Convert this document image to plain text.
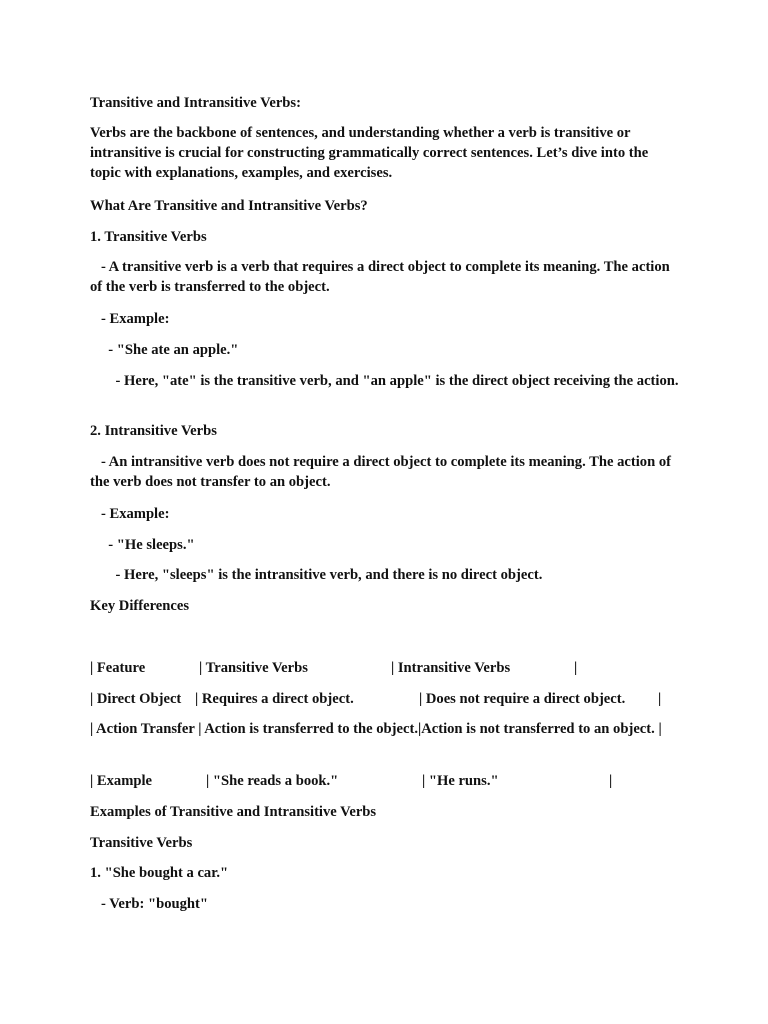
Transitive and Intransitive Verbs:

Verbs are the backbone of sentences, and understanding whether a verb is transitive or intransitive is crucial for constructing grammatically correct sentences. Let’s dive into the topic with explanations, examples, and exercises.

What Are Transitive and Intransitive Verbs?

1. Transitive Verbs

- A transitive verb is a verb that requires a direct object to complete its meaning. The action of the verb is transferred to the object.

- Example:

- "She ate an apple."

- Here, "ate" is the transitive verb, and "an apple" is the direct object receiving the action.

2. Intransitive Verbs

- An intransitive verb does not require a direct object to complete its meaning. The action of the verb does not transfer to an object.

- Example:

- "He sleeps."

- Here, "sleeps" is the intransitive verb, and there is no direct object.

Key Differences

| Feature	| Transitive Verbs	| Intransitive Verbs	|
| Direct Object | Requires a direct object.	| Does not require a direct object. |

| Action Transfer | Action is transferred to the object.|Action is not transferred to an object. |

| Example	| "She reads a book."	| "He runs."	|

Examples of Transitive and Intransitive Verbs

Transitive Verbs

1. "She bought a car."

- Verb: "bought"
